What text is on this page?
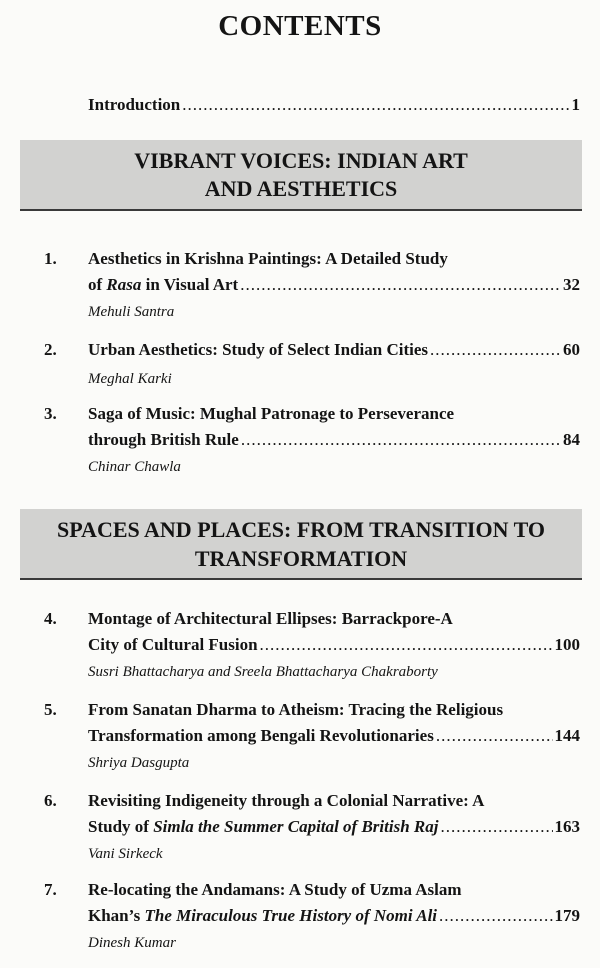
CONTENTS
Introduction .....	1
VIBRANT VOICES: INDIAN ART
AND AESTHETICS
1.	Aesthetics in Krishna Paintings: A Detailed Study
of Rasa in Visual Art .....	32
Mehuli Santra
2.	Urban Aesthetics: Study of Select Indian Cities .....	60
Meghal Karki
3.	Saga of Music: Mughal Patronage to Perseverance
through British Rule .....	84
Chinar Chawla
SPACES AND PLACES: FROM TRANSITION TO
TRANSFORMATION
4.	Montage of Architectural Ellipses: Barrackpore-A
City of Cultural Fusion .....	100
Susri Bhattacharya and Sreela Bhattacharya Chakraborty
5.	From Sanatan Dharma to Atheism: Tracing the Religious
Transformation among Bengali Revolutionaries .....	144
Shriya Dasgupta
6.	Revisiting Indigeneity through a Colonial Narrative: A
Study of Simla the Summer Capital of British Raj .....	163
Vani Sirkeck
7.	Re-locating the Andamans: A Study of Uzma Aslam
Khan’s The Miraculous True History of Nomi Ali .....	179
Dinesh Kumar
